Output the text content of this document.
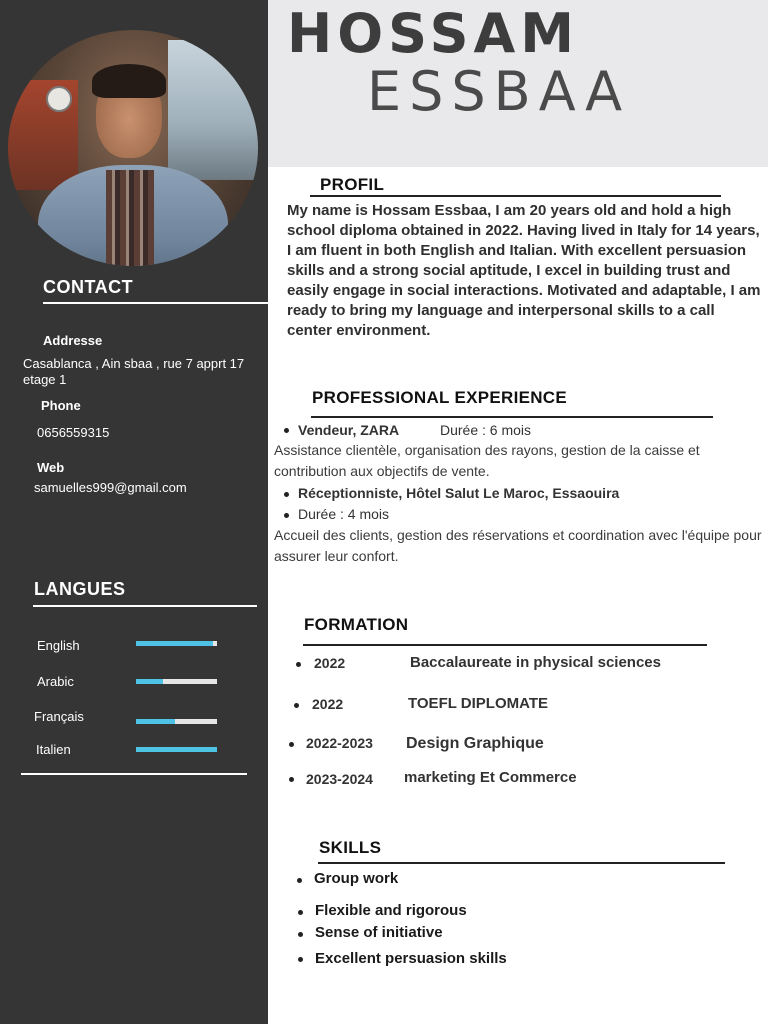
CONTACT
Addresse
Casablanca , Ain sbaa , rue 7 apprt 17 etage 1
Phone
0656559315
Web
samuelles999@gmail.com
LANGUES
English
Arabic
Français
Italien
HOSSAM
ESSBAA
PROFIL
My name is Hossam Essbaa, I am 20 years old and hold a high school diploma obtained in 2022. Having lived in Italy for 14 years, I am fluent in both English and Italian. With excellent persuasion skills and a strong social aptitude, I excel in building trust and easily engage in social interactions. Motivated and adaptable, I am ready to bring my language and interpersonal skills to a call center environment.
PROFESSIONAL EXPERIENCE
Vendeur, ZARA	Durée : 6 mois
Assistance clientèle, organisation des rayons, gestion de la caisse et contribution aux objectifs de vente.
Réceptionniste, Hôtel Salut Le Maroc, Essaouira
Durée : 4 mois
Accueil des clients, gestion des réservations et coordination avec l'équipe pour assurer leur confort.
FORMATION
2022	Baccalaureate in physical sciences
2022	TOEFL DIPLOMATE
2022-2023 Design Graphique
2023-2024 marketing Et Commerce
SKILLS
Group work
Flexible and rigorous
Sense of initiative
Excellent persuasion skills
